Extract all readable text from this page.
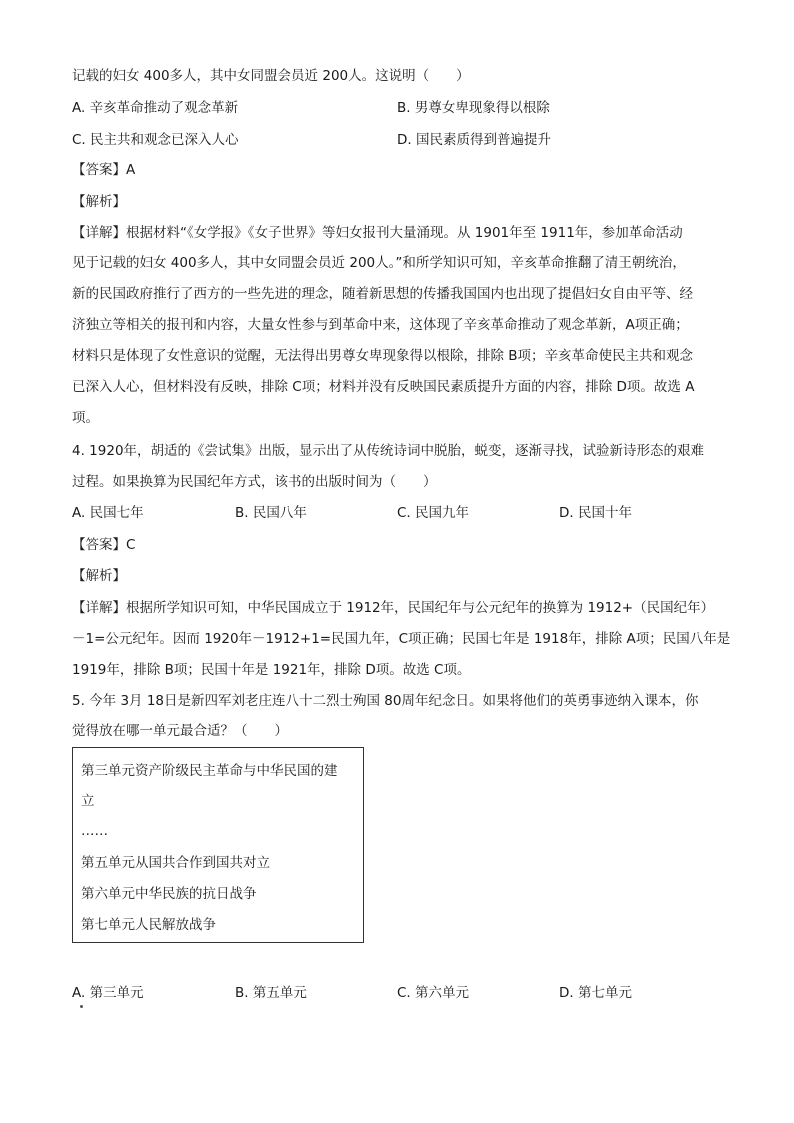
记载的妇女 400多人，其中女同盟会员近 200人。这说明（　　）
A. 辛亥革命推动了观念革新	B. 男尊女卑现象得以根除
C. 民主共和观念已深入人心	D. 国民素质得到普遍提升
【答案】A
【解析】
【详解】根据材料“《女学报》《女子世界》等妇女报刊大量涌现。从 1901年至 1911年，参加革命活动
见于记载的妇女 400多人，其中女同盟会员近 200人。”和所学知识可知，辛亥革命推翻了清王朝统治，
新的民国政府推行了西方的一些先进的理念，随着新思想的传播我国国内也出现了提倡妇女自由平等、经
济独立等相关的报刊和内容，大量女性参与到革命中来，这体现了辛亥革命推动了观念革新，A项正确；
材料只是体现了女性意识的觉醒，无法得出男尊女卑现象得以根除，排除 B项；辛亥革命使民主共和观念
已深入人心，但材料没有反映，排除 C项；材料并没有反映国民素质提升方面的内容，排除 D项。故选 A
项。
4. 1920年，胡适的《尝试集》出版，显示出了从传统诗词中脱胎，蜕变，逐渐寻找，试验新诗形态的艰难
过程。如果换算为民国纪年方式，该书的出版时间为（　　）
A. 民国七年	B. 民国八年	C. 民国九年	D. 民国十年
【答案】C
【解析】
【详解】根据所学知识可知，中华民国成立于 1912年，民国纪年与公元纪年的换算为 1912+（民国纪年）
－1=公元纪年。因而 1920年－1912+1=民国九年，C项正确；民国七年是 1918年，排除 A项；民国八年是
1919年，排除 B项；民国十年是 1921年，排除 D项。故选 C项。
5. 今年 3月 18日是新四军刘老庄连八十二烈士殉国 80周年纪念日。如果将他们的英勇事迹纳入课本，你
觉得放在哪一单元最合适？（　　）
第三单元资产阶级民主革命与中华民国的建
立
……
第五单元从国共合作到国共对立
第六单元中华民族的抗日战争
第七单元人民解放战争
A. 第三单元	B. 第五单元	C. 第六单元	D. 第七单元
